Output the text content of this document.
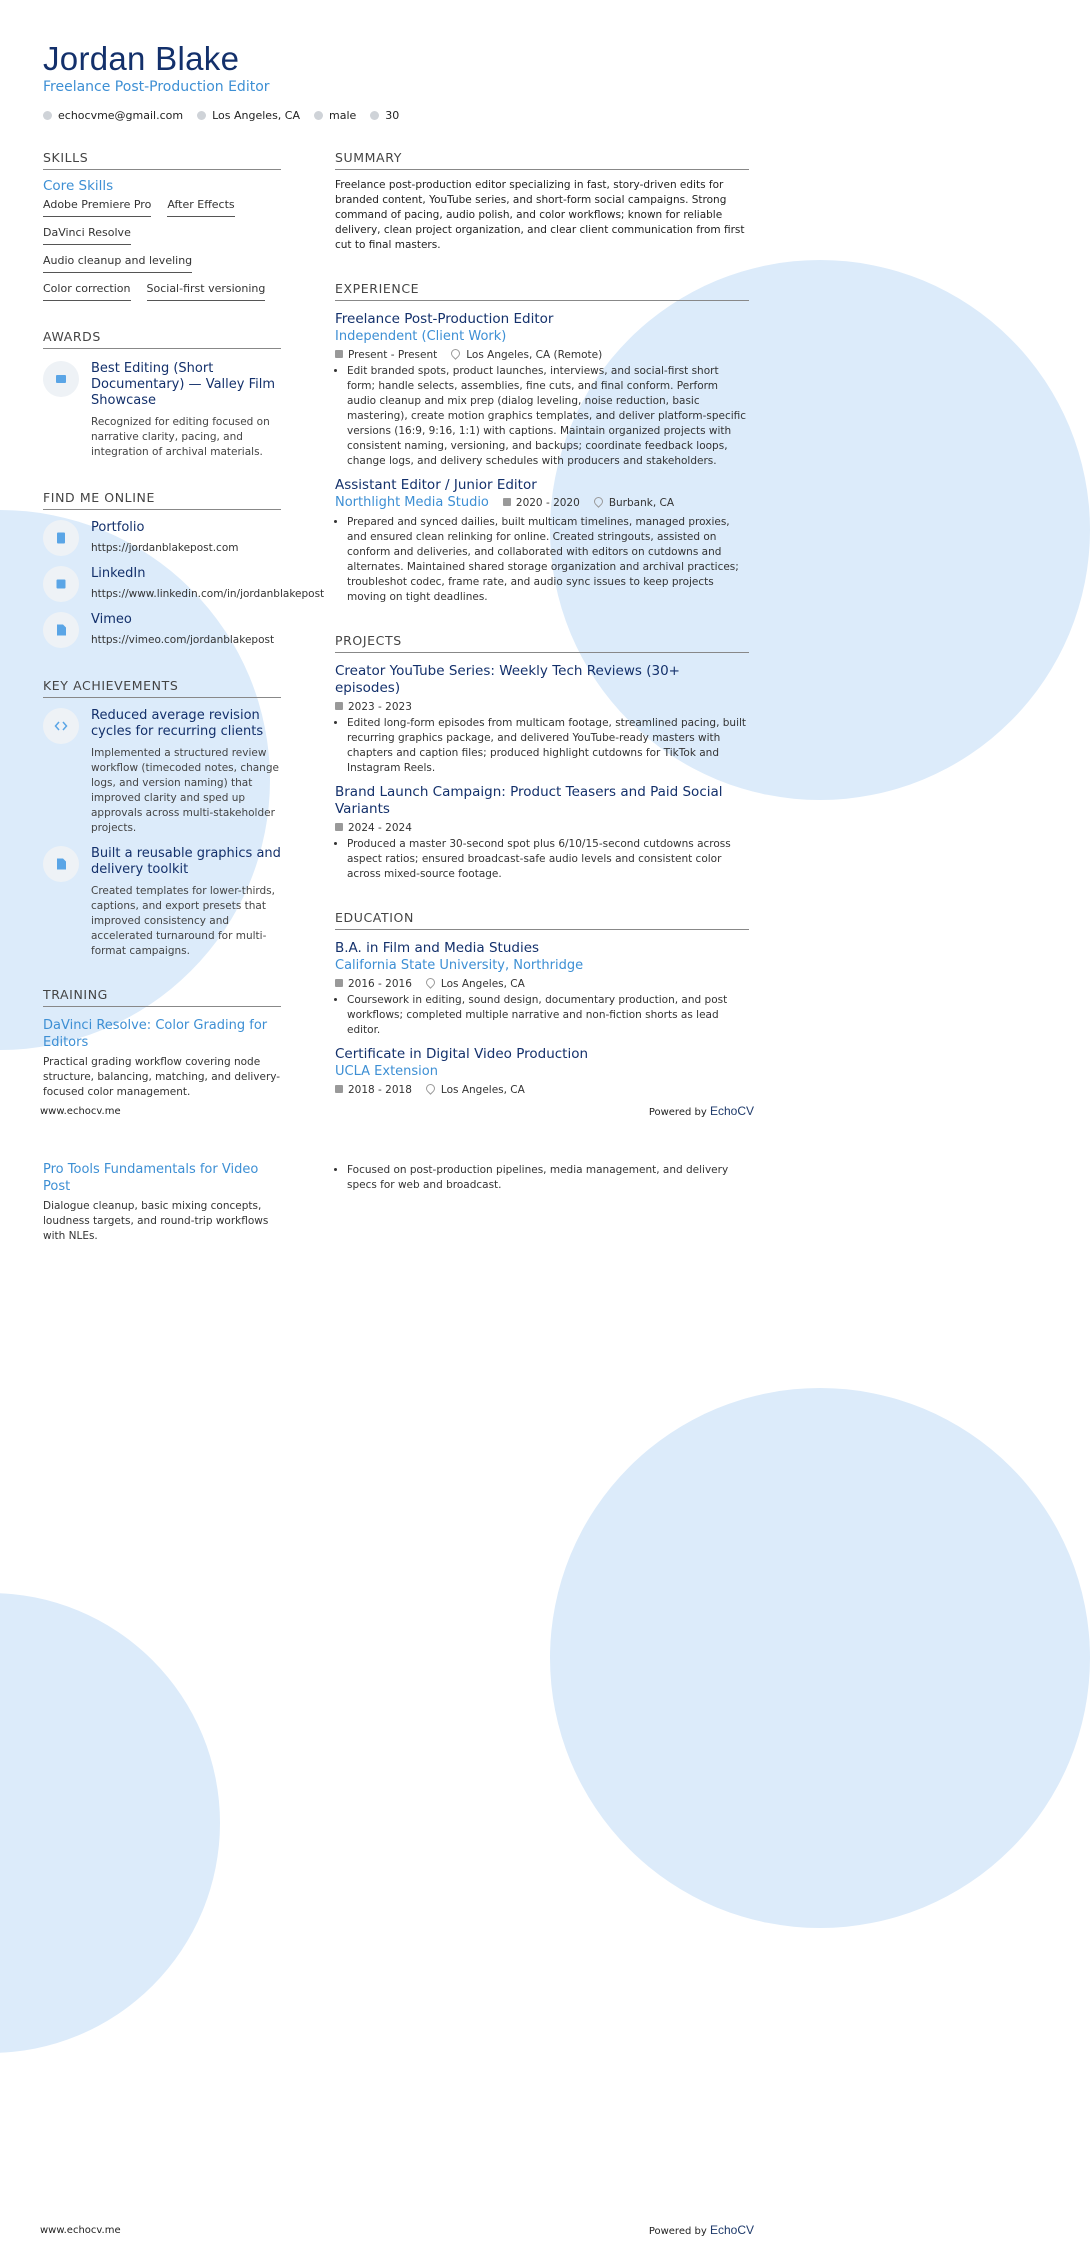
Jordan Blake
Freelance Post-Production Editor
echocvme@gmail.com	Los Angeles, CA	male	30
SKILLS
Core Skills
Adobe Premiere Pro After Effects
DaVinci Resolve
Audio cleanup and leveling
Color correction Social-first versioning
AWARDS
Best Editing (Short Documentary) — Valley Film Showcase
Recognized for editing focused on narrative clarity, pacing, and integration of archival materials.
FIND ME ONLINE
Portfolio
https://jordanblakepost.com
LinkedIn
https://www.linkedin.com/in/jordanblakepost
Vimeo
https://vimeo.com/jordanblakepost
KEY ACHIEVEMENTS
Reduced average revision cycles for recurring clients
Implemented a structured review workflow (timecoded notes, change logs, and version naming) that improved clarity and sped up approvals across multi-stakeholder projects.
Built a reusable graphics and delivery toolkit
Created templates for lower-thirds, captions, and export presets that improved consistency and accelerated turnaround for multi-format campaigns.
TRAINING
DaVinci Resolve: Color Grading for Editors
Practical grading workflow covering node structure, balancing, matching, and delivery-focused color management.
SUMMARY

Freelance post-production editor specializing in fast, story-driven edits for branded content, YouTube series, and short-form social campaigns. Strong command of pacing, audio polish, and color workflows; known for reliable delivery, clean project organization, and clear client communication from first cut to final masters.

EXPERIENCE
Freelance Post-Production Editor
Independent (Client Work)
Present - Present	Los Angeles, CA (Remote)
• Edit branded spots, product launches, interviews, and social-first short form; handle selects, assemblies, fine cuts, and final conform. Perform audio cleanup and mix prep (dialog leveling, noise reduction, basic mastering), create motion graphics templates, and deliver platform-specific versions (16:9, 9:16, 1:1) with captions. Maintain organized projects with consistent naming, versioning, and backups; coordinate feedback loops, change logs, and delivery schedules with producers and stakeholders.
Assistant Editor / Junior Editor
Northlight Media Studio	2020 - 2020	Burbank, CA
• Prepared and synced dailies, built multicam timelines, managed proxies, and ensured clean relinking for online. Created stringouts, assisted on conform and deliveries, and collaborated with editors on cutdowns and alternates. Maintained shared storage organization and archival practices; troubleshot codec, frame rate, and audio sync issues to keep projects moving on tight deadlines.
PROJECTS
Creator YouTube Series: Weekly Tech Reviews (30+ episodes)
2023 - 2023
• Edited long-form episodes from multicam footage, streamlined pacing, built recurring graphics package, and delivered YouTube-ready masters with chapters and caption files; produced highlight cutdowns for TikTok and Instagram Reels.
Brand Launch Campaign: Product Teasers and Paid Social Variants
2024 - 2024
• Produced a master 30-second spot plus 6/10/15-second cutdowns across aspect ratios; ensured broadcast-safe audio levels and consistent color across mixed-source footage.
EDUCATION
B.A. in Film and Media Studies
California State University, Northridge
2016 - 2016	Los Angeles, CA
• Coursework in editing, sound design, documentary production, and post workflows; completed multiple narrative and non-fiction shorts as lead editor.
Certificate in Digital Video Production
UCLA Extension
2018 - 2018	Los Angeles, CA
www.echocv.me	Powered by EchoCV
Pro Tools Fundamentals for Video Post
Dialogue cleanup, basic mixing concepts, loudness targets, and round-trip workflows with NLEs.
• Focused on post-production pipelines, media management, and delivery specs for web and broadcast.
www.echocv.me	Powered by EchoCV
